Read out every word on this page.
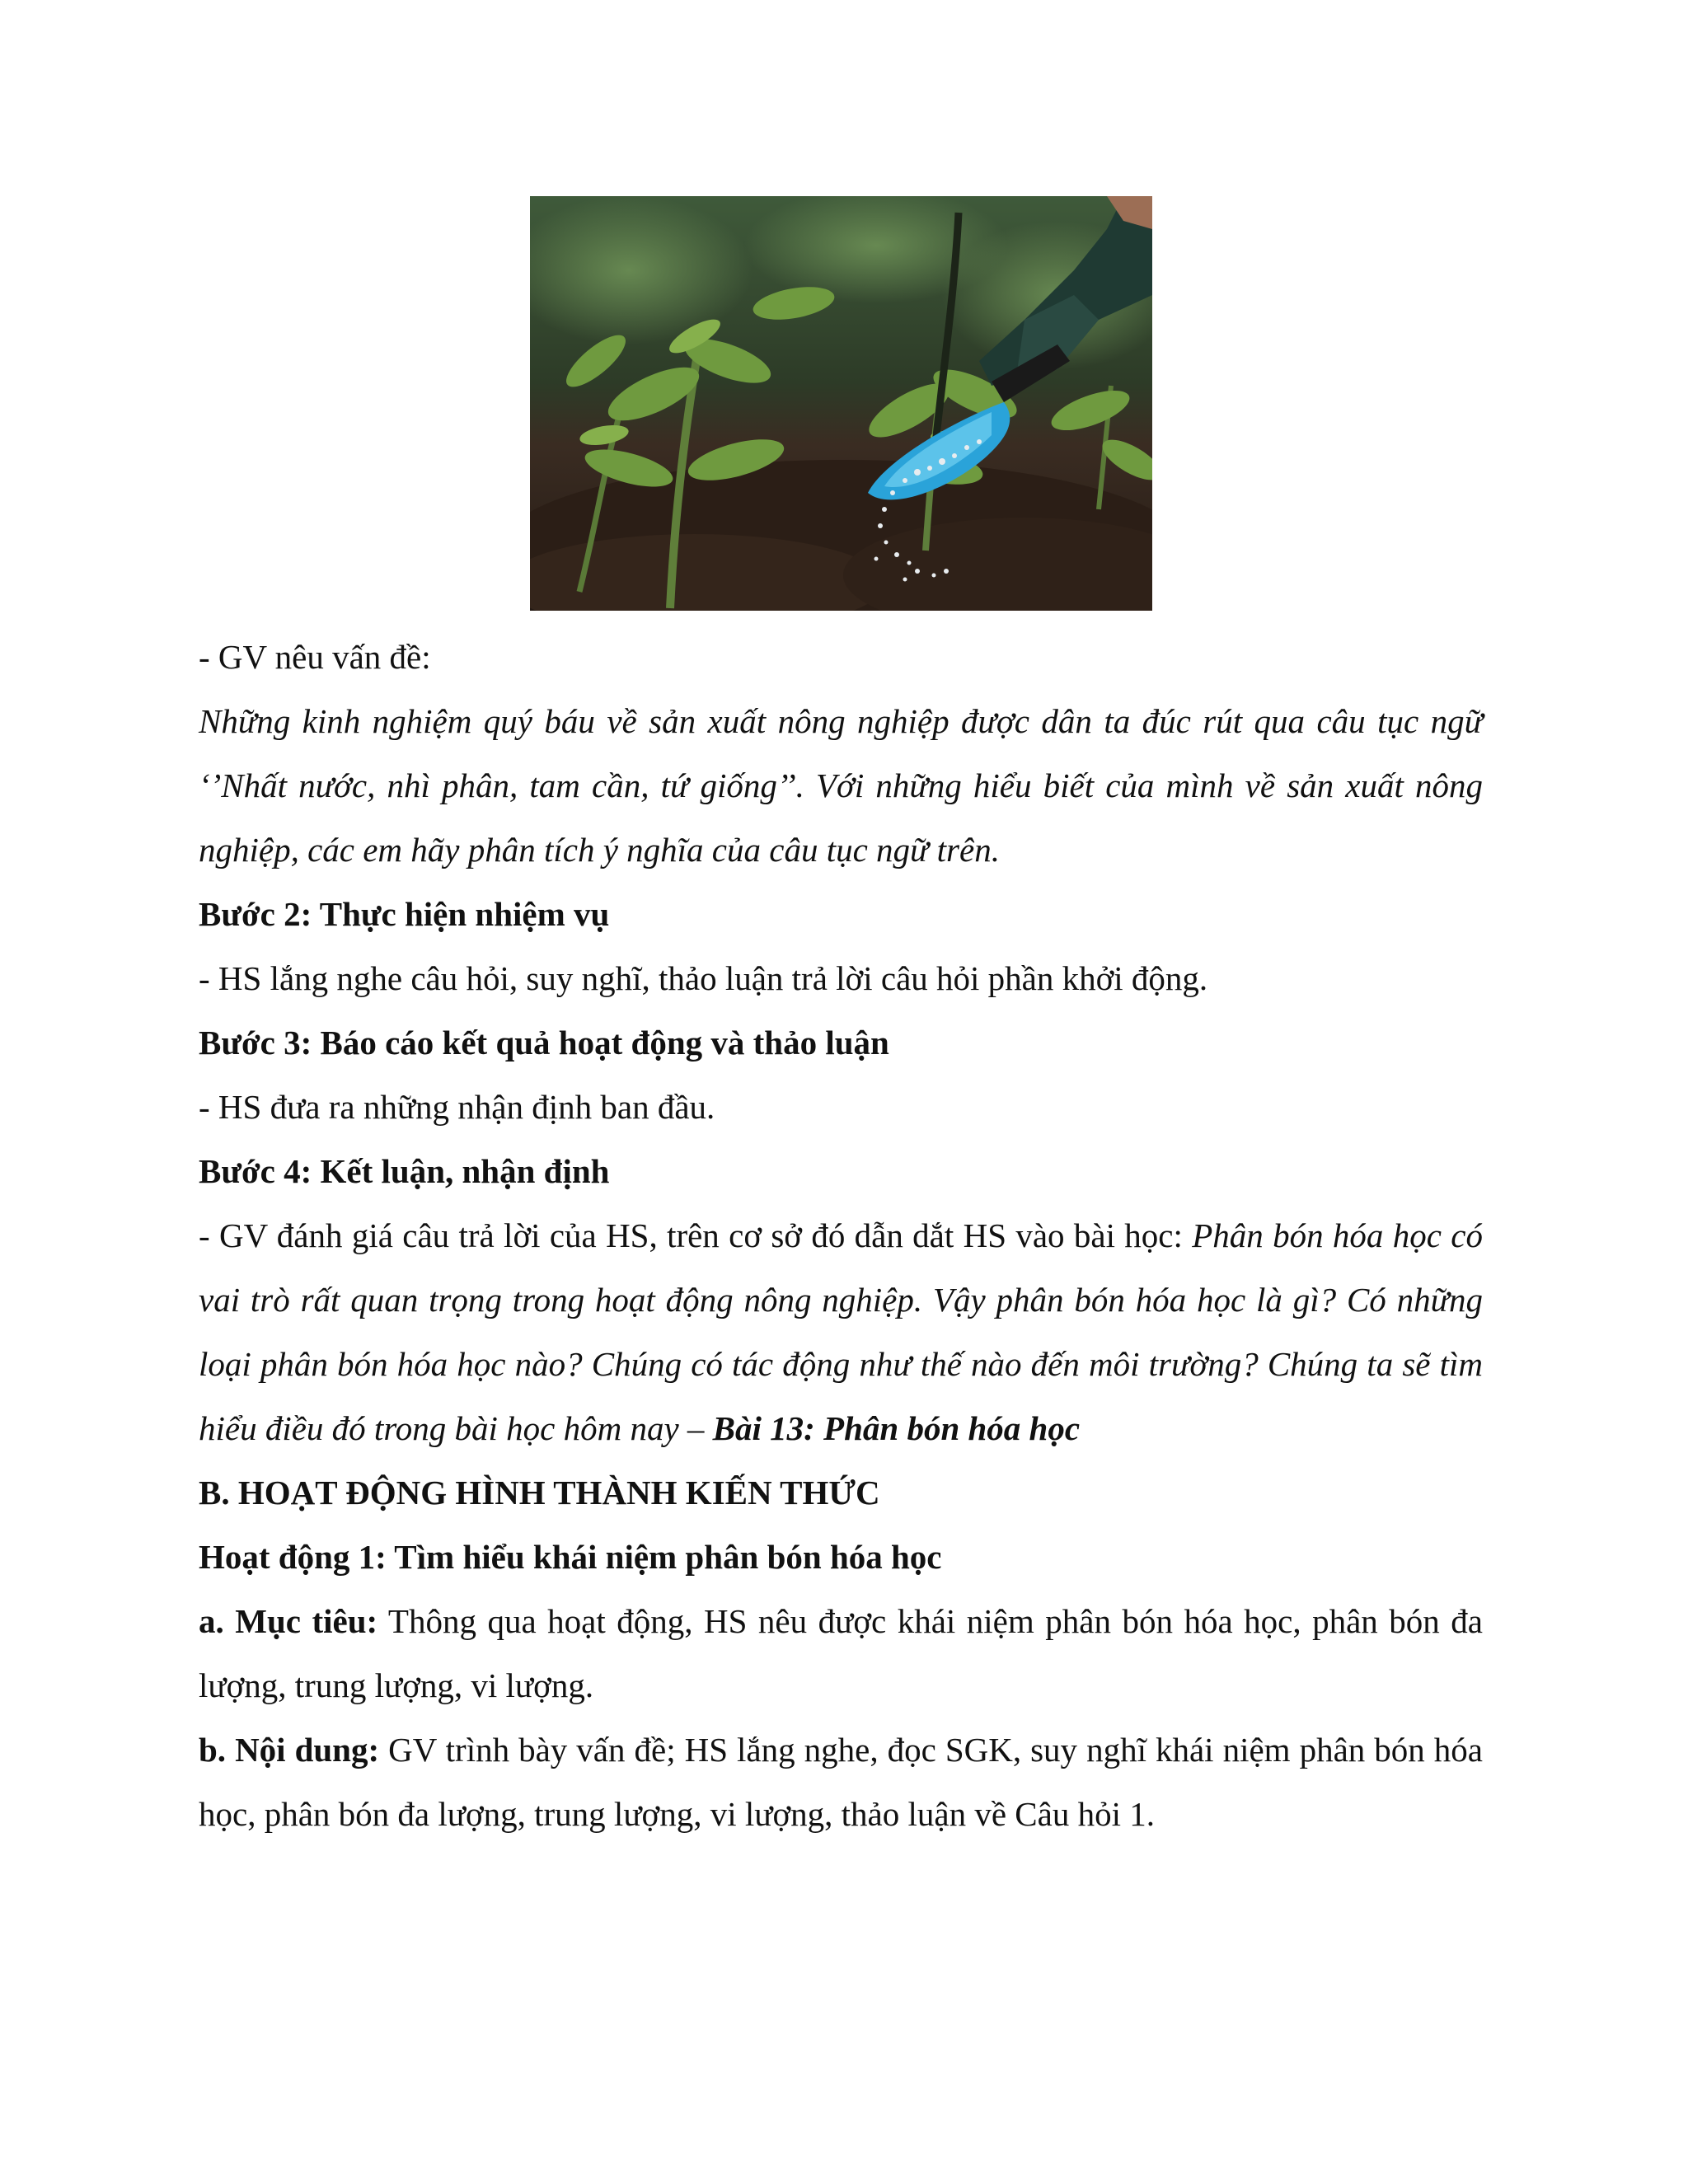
- GV nêu vấn đề:

Những kinh nghiệm quý báu về sản xuất nông nghiệp được dân ta đúc rút qua câu tục ngữ ‘’Nhất nước, nhì phân, tam cần, tứ giống’’. Với những hiểu biết của mình về sản xuất nông nghiệp, các em hãy phân tích ý nghĩa của câu tục ngữ trên.

Bước 2: Thực hiện nhiệm vụ

- HS lắng nghe câu hỏi, suy nghĩ, thảo luận trả lời câu hỏi phần khởi động.

Bước 3: Báo cáo kết quả hoạt động và thảo luận

- HS đưa ra những nhận định ban đầu.

Bước 4: Kết luận, nhận định

- GV đánh giá câu trả lời của HS, trên cơ sở đó dẫn dắt HS vào bài học: Phân bón hóa học có vai trò rất quan trọng trong hoạt động nông nghiệp. Vậy phân bón hóa học là gì? Có những loại phân bón hóa học nào? Chúng có tác động như thế nào đến môi trường? Chúng ta sẽ tìm hiểu điều đó trong bài học hôm nay – Bài 13: Phân bón hóa học

B. HOẠT ĐỘNG HÌNH THÀNH KIẾN THỨC

Hoạt động 1: Tìm hiểu khái niệm phân bón hóa học

a. Mục tiêu: Thông qua hoạt động, HS nêu được khái niệm phân bón hóa học, phân bón đa lượng, trung lượng, vi lượng.

b. Nội dung: GV trình bày vấn đề; HS lắng nghe, đọc SGK, suy nghĩ khái niệm phân bón hóa học, phân bón đa lượng, trung lượng, vi lượng, thảo luận về Câu hỏi 1.
